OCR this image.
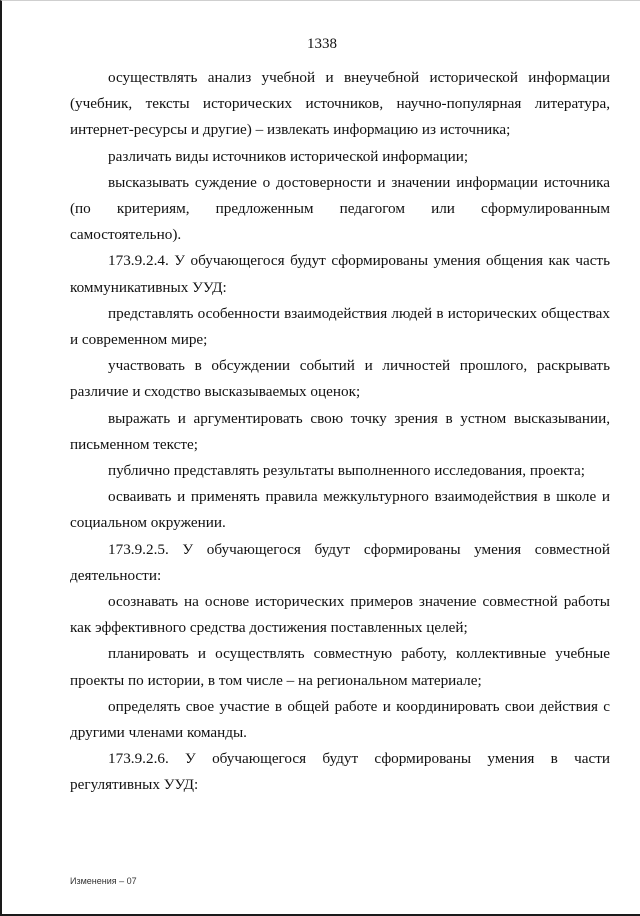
1338

осуществлять анализ учебной и внеучебной исторической информации (учебник, тексты исторических источников, научно-популярная литература, интернет-ресурсы и другие) – извлекать информацию из источника;

различать виды источников исторической информации;

высказывать суждение о достоверности и значении информации источника (по критериям, предложенным педагогом или сформулированным самостоятельно).

173.9.2.4. У обучающегося будут сформированы умения общения как часть коммуникативных УУД:

представлять особенности взаимодействия людей в исторических обществах и современном мире;

участвовать в обсуждении событий и личностей прошлого, раскрывать различие и сходство высказываемых оценок;

выражать и аргументировать свою точку зрения в устном высказывании, письменном тексте;

публично представлять результаты выполненного исследования, проекта;

осваивать и применять правила межкультурного взаимодействия в школе и социальном окружении.

173.9.2.5. У обучающегося будут сформированы умения совместной деятельности:

осознавать на основе исторических примеров значение совместной работы как эффективного средства достижения поставленных целей;

планировать и осуществлять совместную работу, коллективные учебные проекты по истории, в том числе – на региональном материале;

определять свое участие в общей работе и координировать свои действия с другими членами команды.

173.9.2.6. У обучающегося будут сформированы умения в части регулятивных УУД:

Изменения – 07
